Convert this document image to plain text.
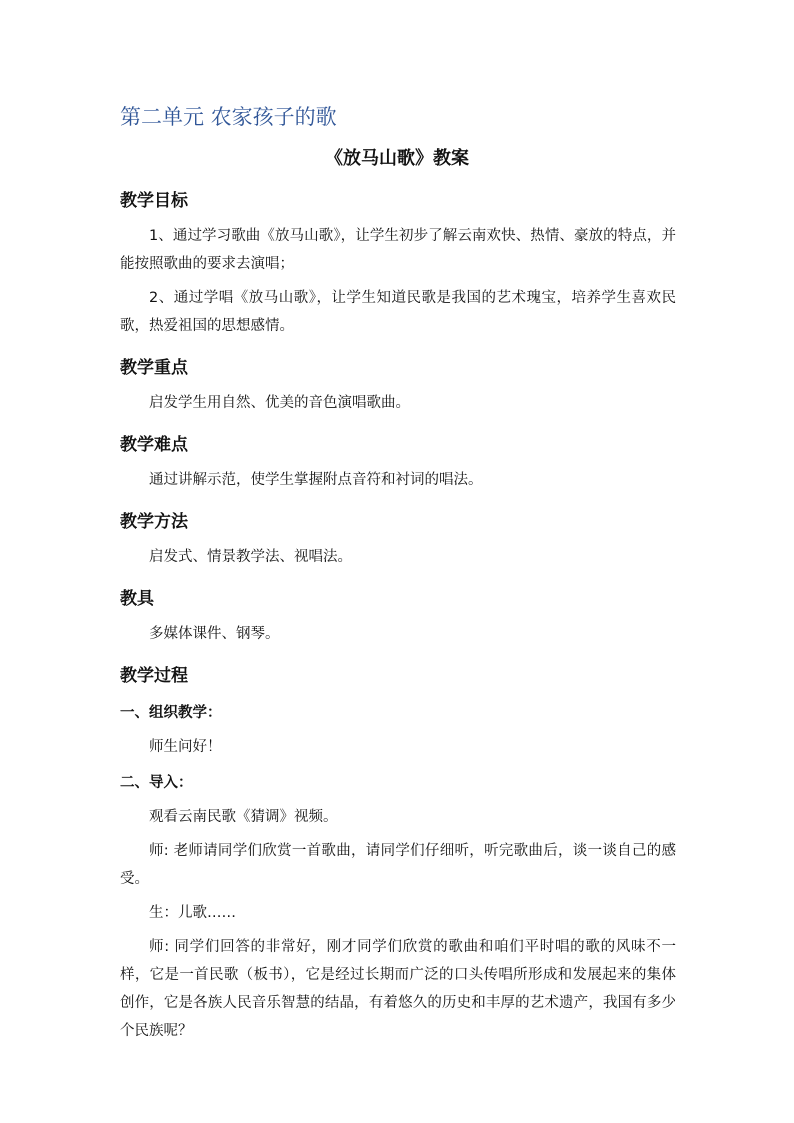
第二单元 农家孩子的歌
《放马山歌》教案
教学目标
1、通过学习歌曲《放马山歌》，让学生初步了解云南欢快、热情、豪放的特点，并能按照歌曲的要求去演唱；
2、通过学唱《放马山歌》，让学生知道民歌是我国的艺术瑰宝，培养学生喜欢民歌，热爱祖国的思想感情。
教学重点
启发学生用自然、优美的音色演唱歌曲。
教学难点
通过讲解示范，使学生掌握附点音符和衬词的唱法。
教学方法
启发式、情景教学法、视唱法。
教具
多媒体课件、钢琴。
教学过程
一、组织教学：
师生问好！
二、导入：
观看云南民歌《猜调》视频。
师: 老师请同学们欣赏一首歌曲，请同学们仔细听，听完歌曲后，谈一谈自己的感受。
生：儿歌……
师: 同学们回答的非常好，刚才同学们欣赏的歌曲和咱们平时唱的歌的风味不一样，它是一首民歌（板书），它是经过长期而广泛的口头传唱所形成和发展起来的集体创作，它是各族人民音乐智慧的结晶，有着悠久的历史和丰厚的艺术遗产，我国有多少个民族呢？
